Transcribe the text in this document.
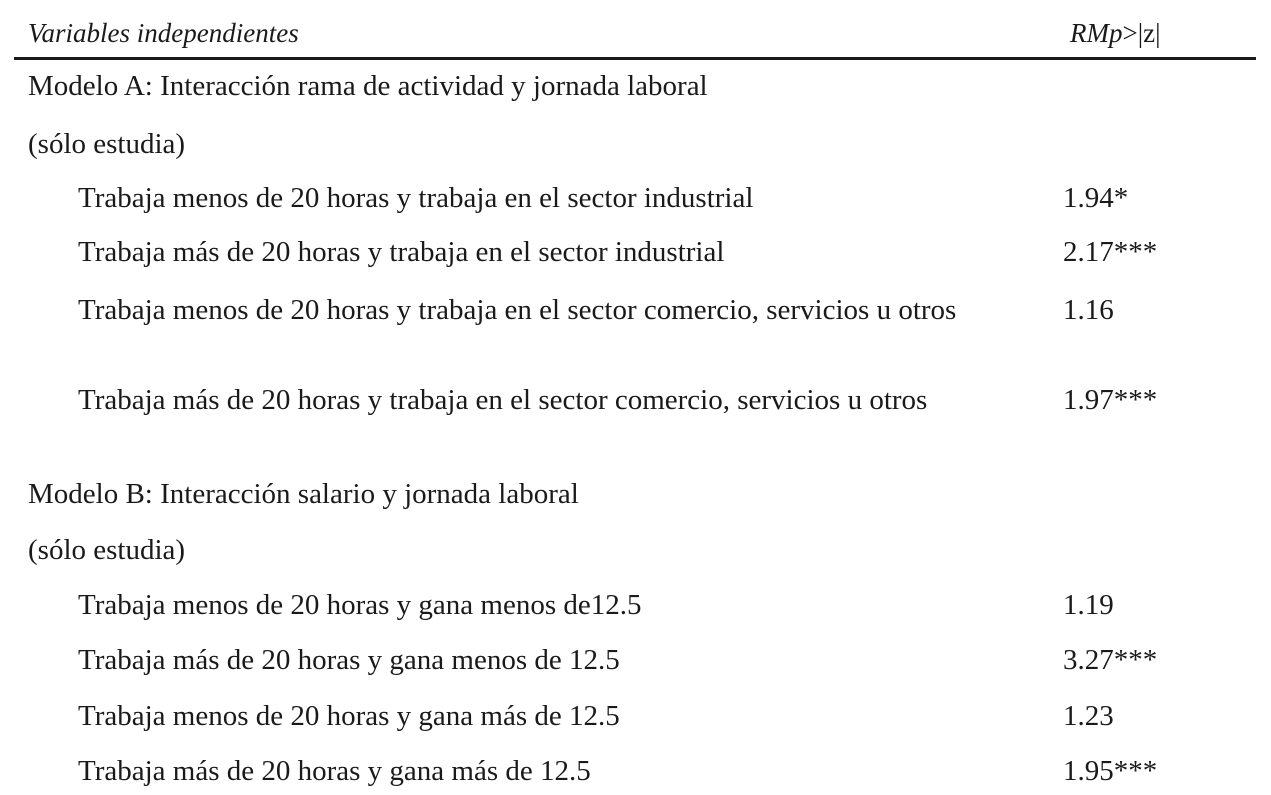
Variables independientes	RMp>|z|
Modelo A: Interacción rama de actividad y jornada laboral
(sólo estudia)
Trabaja menos de 20 horas y trabaja en el sector industrial	1.94*
Trabaja más de 20 horas y trabaja en el sector industrial	2.17***
Trabaja menos de 20 horas y trabaja en el sector comercio, servicios u otros	1.16
Trabaja más de 20 horas y trabaja en el sector comercio, servicios u otros	1.97***
Modelo B: Interacción salario y jornada laboral
(sólo estudia)
Trabaja menos de 20 horas y gana menos de12.5	1.19
Trabaja más de 20 horas y gana menos de 12.5	3.27***
Trabaja menos de 20 horas y gana más de 12.5	1.23
Trabaja más de 20 horas y gana más de 12.5	1.95***
